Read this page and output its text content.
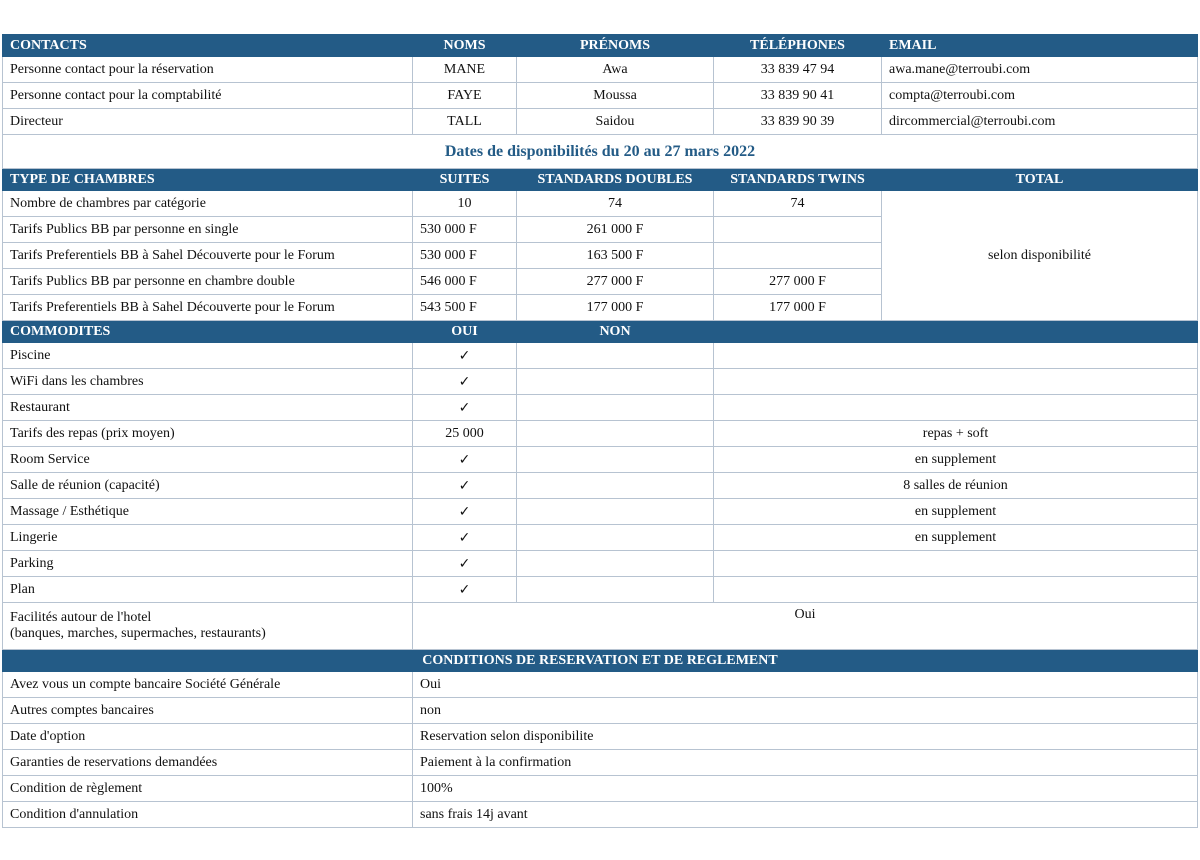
CONTACTS	NOMS	PRÉNOMS	TÉLÉPHONES	EMAIL
Personne contact pour la réservation	MANE	Awa	33 839 47 94	awa.mane@terroubi.com
Personne contact pour la comptabilité	FAYE	Moussa	33 839 90 41	compta@terroubi.com
Directeur	TALL	Saidou	33 839 90 39	dircommercial@terroubi.com
Dates de disponibilités du 20 au 27 mars 2022				
TYPE DE CHAMBRES	SUITES	STANDARDS DOUBLES	STANDARDS TWINS	TOTAL
Nombre de chambres par catégorie	10	74	74	selon disponibilité
Tarifs Publics BB par personne en single	530 000 F	261 000 F		
Tarifs Preferentiels BB à Sahel Découverte pour le Forum	530 000 F	163 500 F		
Tarifs Publics BB par personne en chambre double	546 000 F	277 000 F	277 000 F	
Tarifs Preferentiels BB à Sahel Découverte pour le Forum	543 500 F	177 000 F	177 000 F	
COMMODITES	OUI	NON		
Piscine	✓			
WiFi dans les chambres	✓			
Restaurant	✓			
Tarifs des repas (prix moyen)	25 000		repas + soft	
Room Service	✓		en supplement	
Salle de réunion (capacité)	✓		8 salles de réunion	
Massage / Esthétique	✓		en supplement	
Lingerie	✓		en supplement	
Parking	✓			
Plan	✓			

Facilités autour de l'hotel
(banques, marches, supermaches, restaurants)	Oui			
CONDITIONS DE RESERVATION ET DE REGLEMENT				
Avez vous un compte bancaire Société Générale	Oui			
Autres comptes bancaires	non			
Date d'option	Reservation selon disponibilite			
Garanties de reservations demandées	Paiement à la confirmation			
Condition de règlement	100%			
Condition d'annulation	sans frais 14j avant			
